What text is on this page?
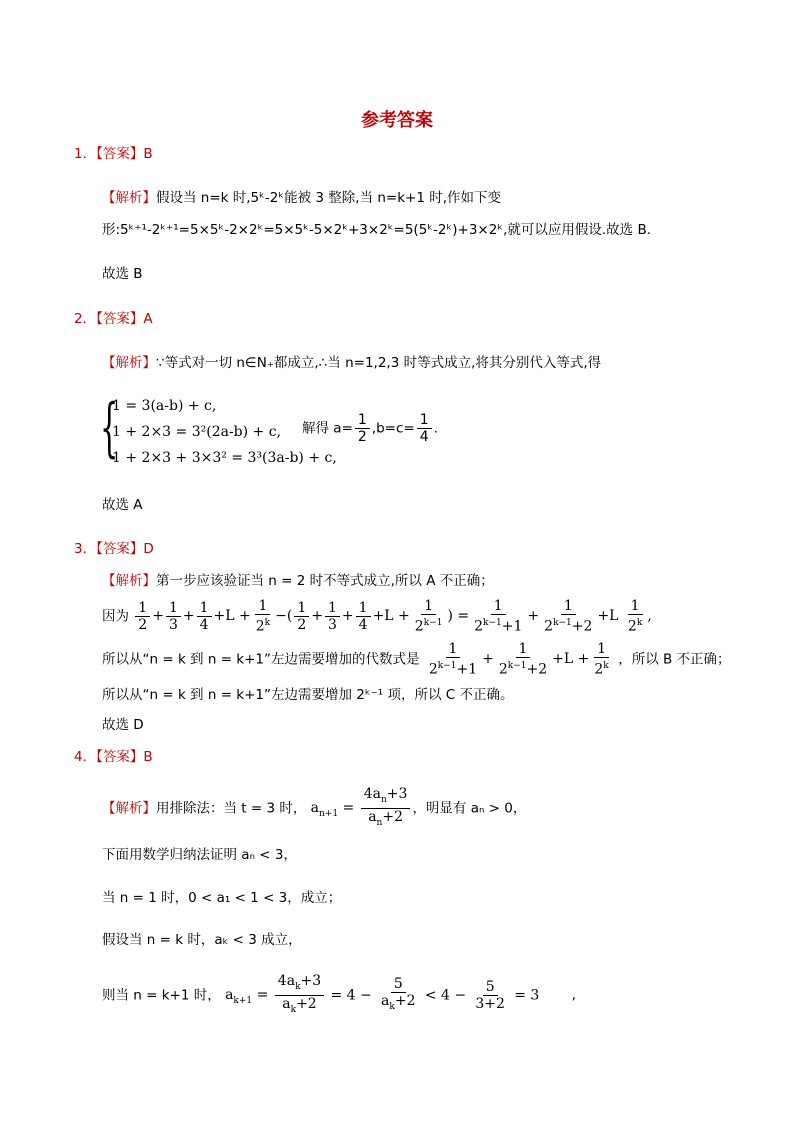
参考答案
1．【答案】B
【解析】假设当 n=k 时,5ᵏ-2ᵏ能被 3 整除,当 n=k+1 时,作如下变
形:5ᵏ⁺¹-2ᵏ⁺¹=5×5ᵏ-2×2ᵏ=5×5ᵏ-5×2ᵏ+3×2ᵏ=5(5ᵏ-2ᵏ)+3×2ᵏ,就可以应用假设.故选 B.
故选 B
2．【答案】A
【解析】∵等式对一切 n∈N₊都成立,∴当 n=1,2,3 时等式成立,将其分别代入等式,得
{
1 = 3(a-b) + c,
1 + 2×3 = 3²(2a-b) + c,
1 + 2×3 + 3×3² = 3³(3a-b) + c,
解得 $a= \frac{1}{2} ,b=c= \frac{1}{4}$ .
故选 A
3．【答案】D
【解析】第一步应该验证当 n = 2 时不等式成立,所以 A 不正确；
因为 $\frac{1}{2} + \frac{1}{3} + \frac{1}{4} +L + \frac{1}{2^k}$ −( $\frac{1}{2} + \frac{1}{3} + \frac{1}{4} +L + \frac{1}{2^{k-1}}$ ) = $\frac{1}{2^{k-1}+1} + \frac{1}{2^{k-1}+2} +L \frac{1}{2^k}$ ,
所以从“n = k 到 n = k+1”左边需要增加的代数式是 $\frac{1}{2^{k-1}+1} + \frac{1}{2^{k-1}+2} +L + \frac{1}{2^k}$ ，所以 B 不正确；
所以从“n = k 到 n = k+1”左边需要增加 2ᵏ⁻¹ 项，所以 C 不正确。
故选 D
4．【答案】B
【解析】用排除法：当 t = 3 时， $a_{n+1} = \frac{4a_n+3}{a_n+2}$ ，明显有 aₙ > 0，
下面用数学归纳法证明 aₙ < 3，
当 n = 1 时，0 < a₁ < 1 < 3，成立；
假设当 n = k 时，aₖ < 3 成立，
则当 n = k+1 时， $a_{k+1} = \frac{4a_k+3}{a_k+2} = 4 - \frac{5}{a_k+2} < 4 - \frac{5}{3+2} = 3$ ,
